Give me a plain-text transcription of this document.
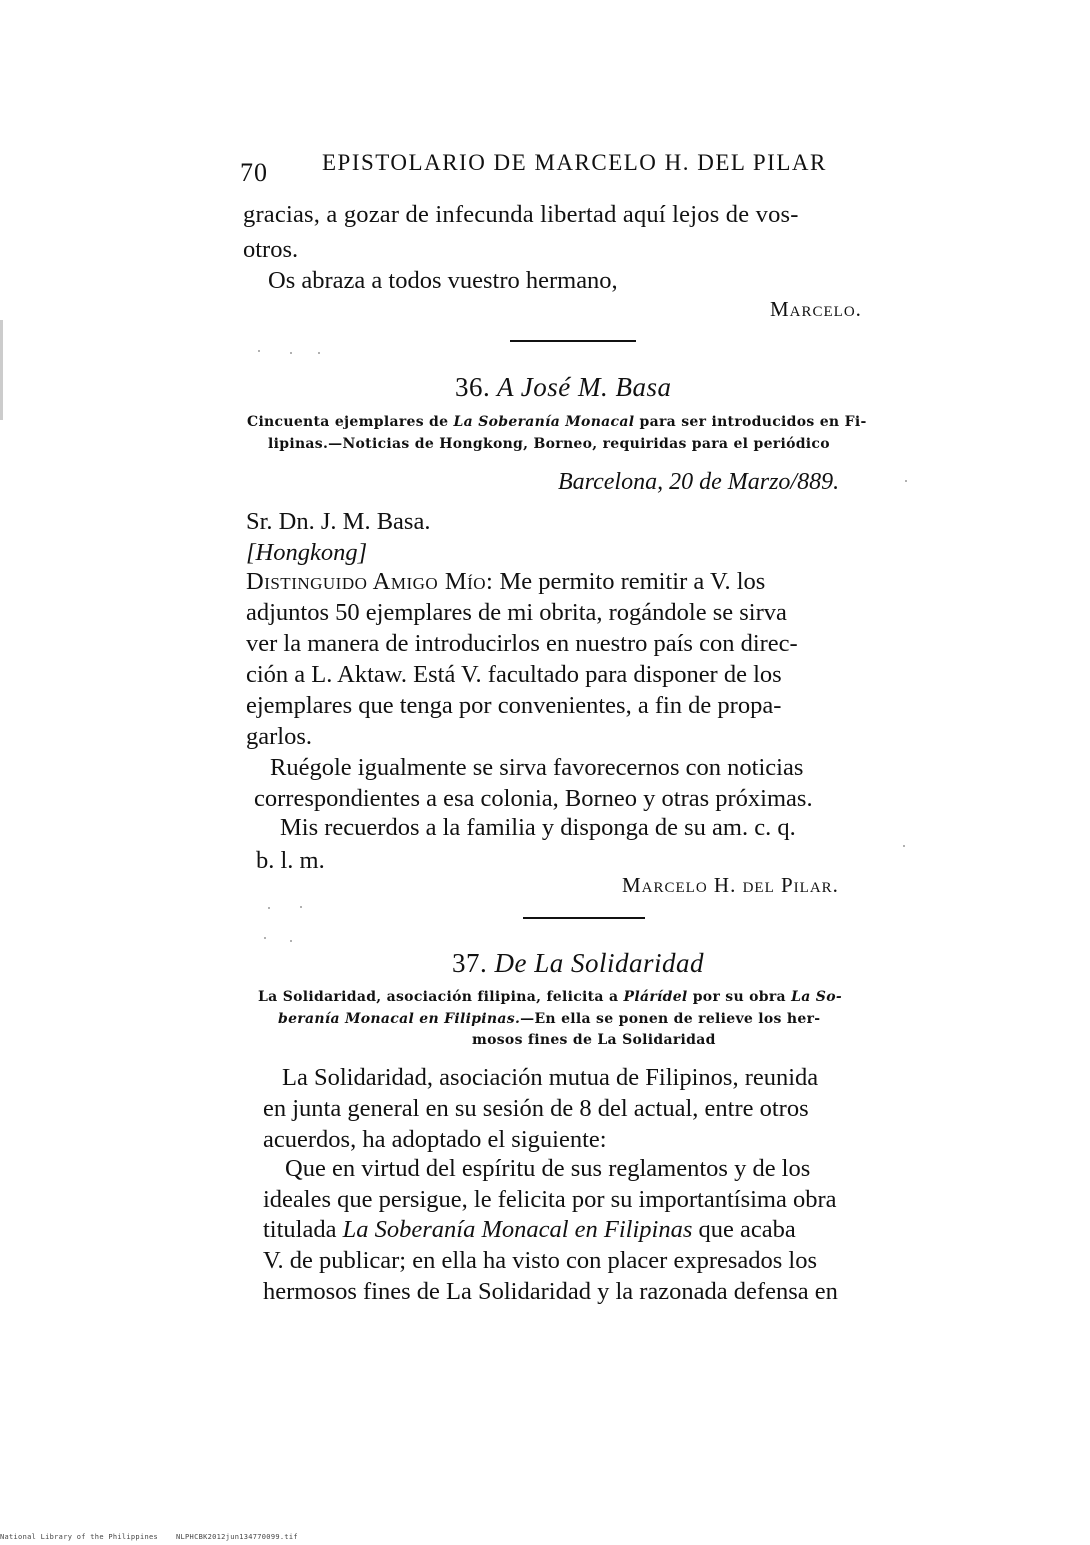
70 EPISTOLARIO DE MARCELO H. DEL PILAR
gracias, a gozar de infecunda libertad aquí lejos de vos-
otros.
Os abraza a todos vuestro hermano,
Marcelo.
36. A José M. Basa
Cincuenta ejemplares de La Soberanía Monacal para ser introducidos en Fi-
lipinas.—Noticias de Hongkong, Borneo, requiridas para el periódico
Barcelona, 20 de Marzo/889.
Sr. Dn. J. M. Basa.
[Hongkong]
Distinguido Amigo Mío: Me permito remitir a V. los
adjuntos 50 ejemplares de mi obrita, rogándole se sirva
ver la manera de introducirlos en nuestro país con direc-
ción a L. Aktaw. Está V. facultado para disponer de los
ejemplares que tenga por convenientes, a fin de propa-
garlos.
Ruégole igualmente se sirva favorecernos con noticias
correspondientes a esa colonia, Borneo y otras próximas.
Mis recuerdos a la familia y disponga de su am. c. q.
b. l. m.
Marcelo H. del Pilar.
37. De La Solidaridad
La Solidaridad, asociación filipina, felicita a Plárídel por su obra La So-
beranía Monacal en Filipinas.—En ella se ponen de relieve los her-
mosos fines de La Solidaridad
La Solidaridad, asociación mutua de Filipinos, reunida
en junta general en su sesión de 8 del actual, entre otros
acuerdos, ha adoptado el siguiente:
Que en virtud del espíritu de sus reglamentos y de los
ideales que persigue, le felicita por su importantísima obra
titulada La Soberanía Monacal en Filipinas que acaba
V. de publicar; en ella ha visto con placer expresados los
hermosos fines de La Solidaridad y la razonada defensa en
National Library of the Philippines	NLPHCBK2012jun134770099.tif
